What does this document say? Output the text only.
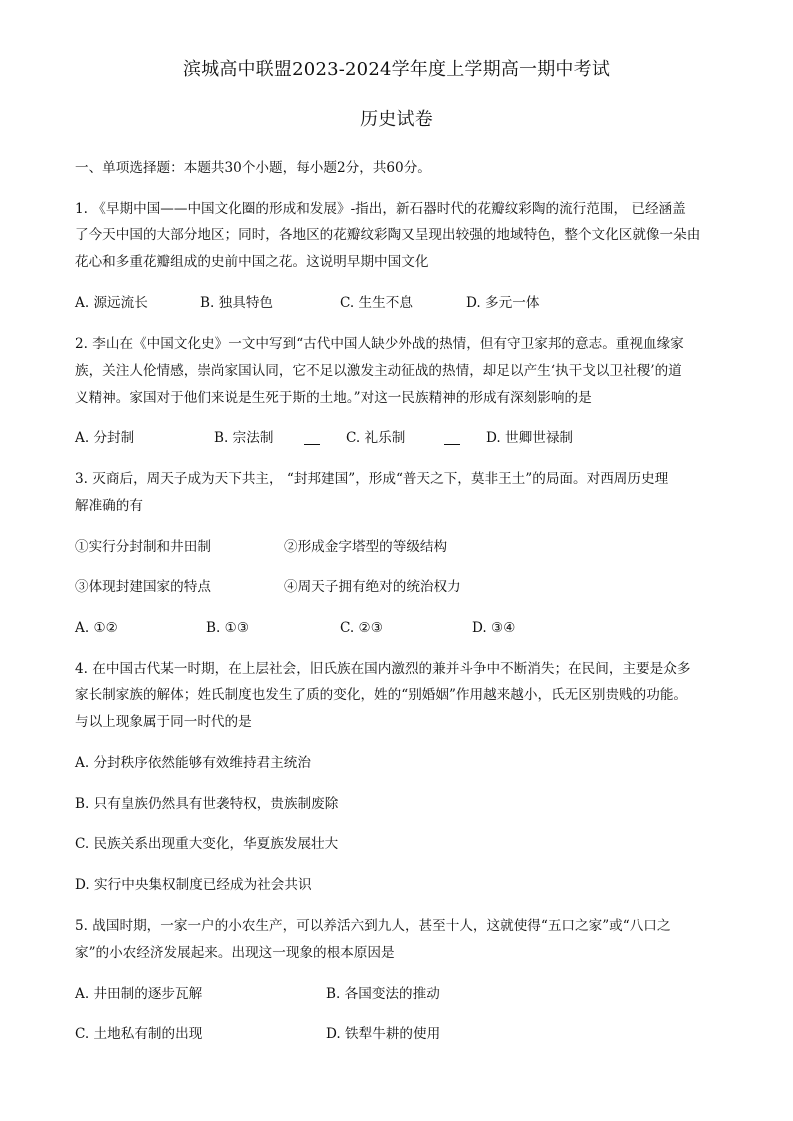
滨城高中联盟2023-2024学年度上学期高一期中考试
历史试卷
一、单项选择题：本题共30个小题，每小题2分，共60分。
1. 《早期中国——中国文化圈的形成和发展》-指出，新石器时代的花瓣纹彩陶的流行范围， 已经涵盖
了今天中国的大部分地区；同时，各地区的花瓣纹彩陶又呈现出较强的地域特色，整个文化区就像一朵由
花心和多重花瓣组成的史前中国之花。这说明早期中国文化
A. 源远流长	B. 独具特色	C. 生生不息	D. 多元一体
2. 李山在《中国文化史》一文中写到“古代中国人缺少外战的热情，但有守卫家邦的意志。重视血缘家
族，关注人伦情感，崇尚家国认同，它不足以激发主动征战的热情，却足以产生‘执干戈以卫社稷’的道
义精神。家国对于他们来说是生死于斯的土地。”对这一民族精神的形成有深刻影响的是
A. 分封制	B. 宗法制	C. 礼乐制	D. 世卿世禄制
3. 灭商后，周天子成为天下共主， “封邦建国”，形成“普天之下，莫非王土”的局面。对西周历史理
解准确的有
①实行分封制和井田制	②形成金字塔型的等级结构
③体现封建国家的特点	④周天子拥有绝对的统治权力
A. ①②	B. ①③	C. ②③	D. ③④
4. 在中国古代某一时期，在上层社会，旧氏族在国内激烈的兼并斗争中不断消失；在民间，主要是众多
家长制家族的解体；姓氏制度也发生了质的变化，姓的“别婚姻”作用越来越小，氏无区别贵贱的功能。
与以上现象属于同一时代的是
A. 分封秩序依然能够有效维持君主统治
B. 只有皇族仍然具有世袭特权，贵族制废除
C. 民族关系出现重大变化，华夏族发展壮大
D. 实行中央集权制度已经成为社会共识
5. 战国时期，一家一户的小农生产，可以养活六到九人，甚至十人，这就使得“五口之家”或“八口之
家”的小农经济发展起来。出现这一现象的根本原因是
A. 井田制的逐步瓦解	B. 各国变法的推动
C. 土地私有制的出现	D. 铁犁牛耕的使用
